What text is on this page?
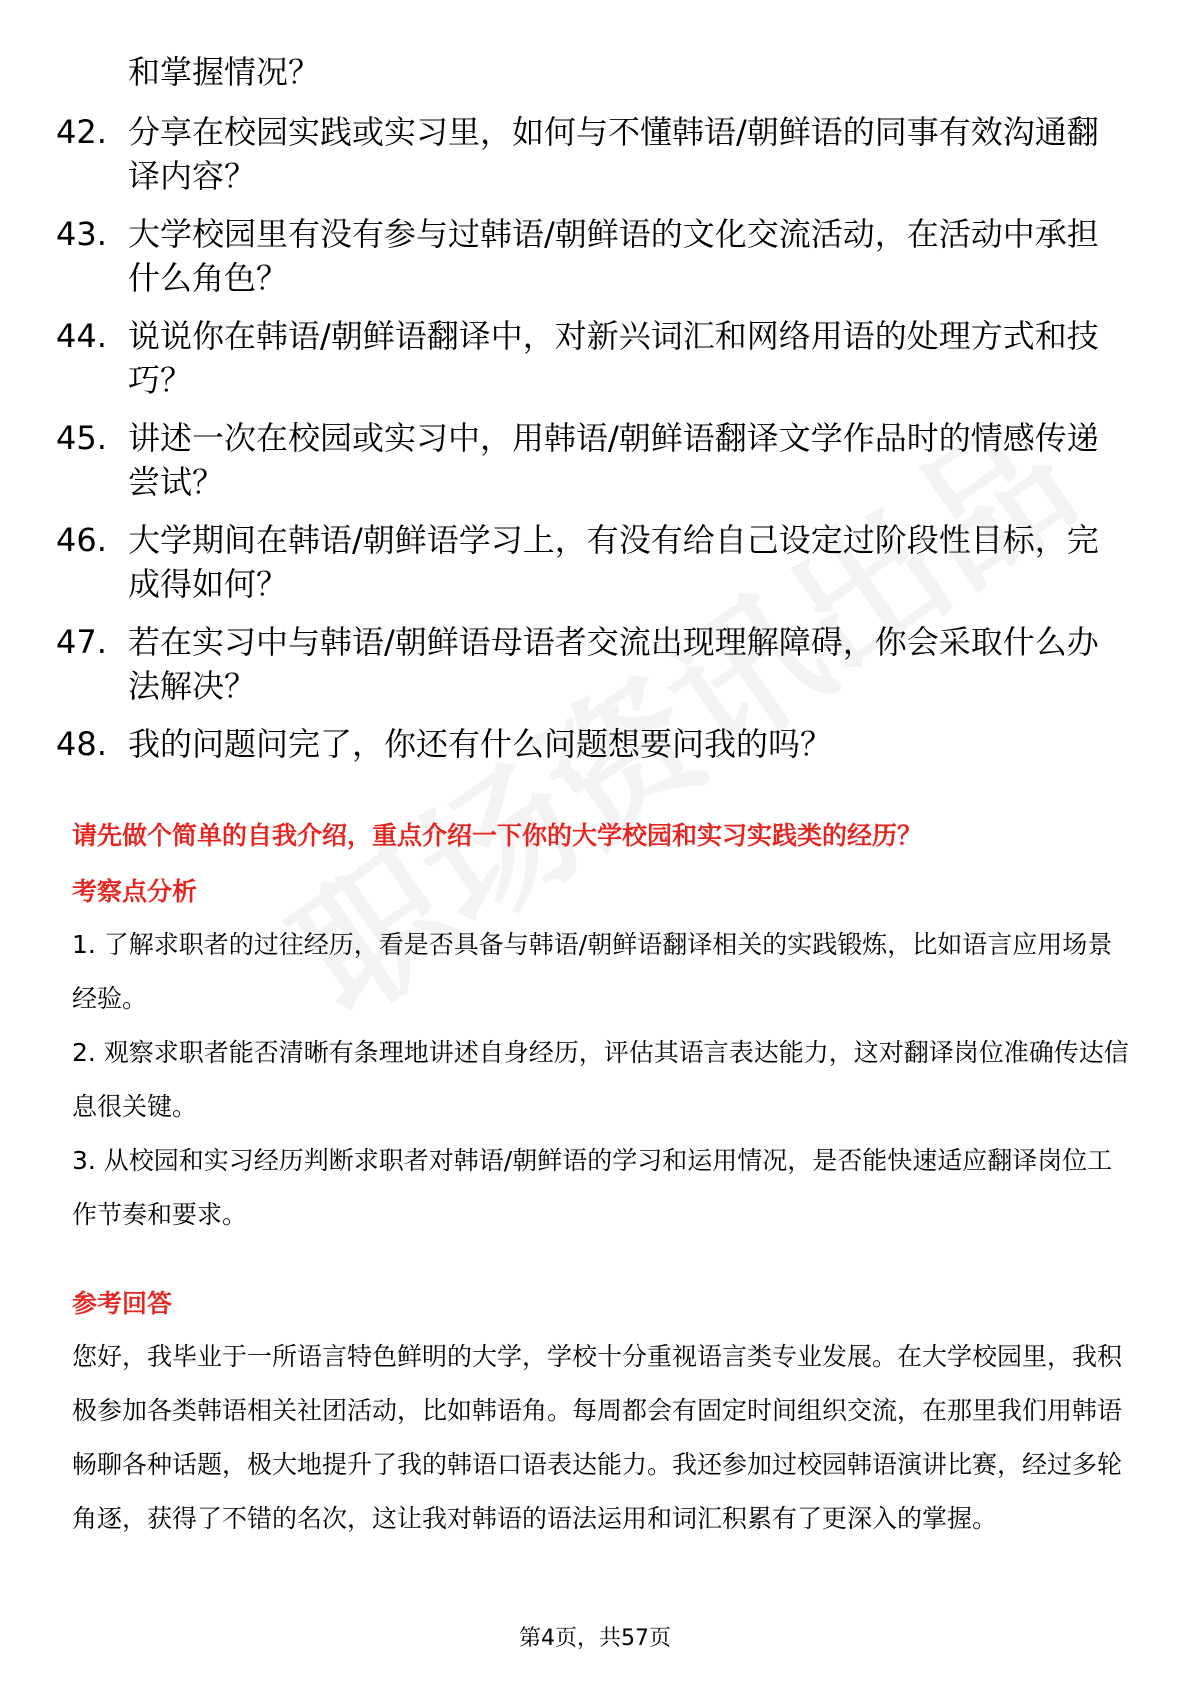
和掌握情况？
42. 分享在校园实践或实习里，如何与不懂韩语/朝鲜语的同事有效沟通翻译内容？
43. 大学校园里有没有参与过韩语/朝鲜语的文化交流活动，在活动中承担什么角色？
44. 说说你在韩语/朝鲜语翻译中，对新兴词汇和网络用语的处理方式和技巧？
45. 讲述一次在校园或实习中，用韩语/朝鲜语翻译文学作品时的情感传递尝试？
46. 大学期间在韩语/朝鲜语学习上，有没有给自己设定过阶段性目标，完成得如何？
47. 若在实习中与韩语/朝鲜语母语者交流出现理解障碍，你会采取什么办法解决？
48. 我的问题问完了，你还有什么问题想要问我的吗？
请先做个简单的自我介绍，重点介绍一下你的大学校园和实习实践类的经历？
考察点分析
1. 了解求职者的过往经历，看是否具备与韩语/朝鲜语翻译相关的实践锻炼，比如语言应用场景经验。
2. 观察求职者能否清晰有条理地讲述自身经历，评估其语言表达能力，这对翻译岗位准确传达信息很关键。
3. 从校园和实习经历判断求职者对韩语/朝鲜语的学习和运用情况，是否能快速适应翻译岗位工作节奏和要求。
参考回答
您好，我毕业于一所语言特色鲜明的大学，学校十分重视语言类专业发展。在大学校园里，我积极参加各类韩语相关社团活动，比如韩语角。每周都会有固定时间组织交流，在那里我们用韩语畅聊各种话题，极大地提升了我的韩语口语表达能力。我还参加过校园韩语演讲比赛，经过多轮角逐，获得了不错的名次，这让我对韩语的语法运用和词汇积累有了更深入的掌握。
第4页，共57页
